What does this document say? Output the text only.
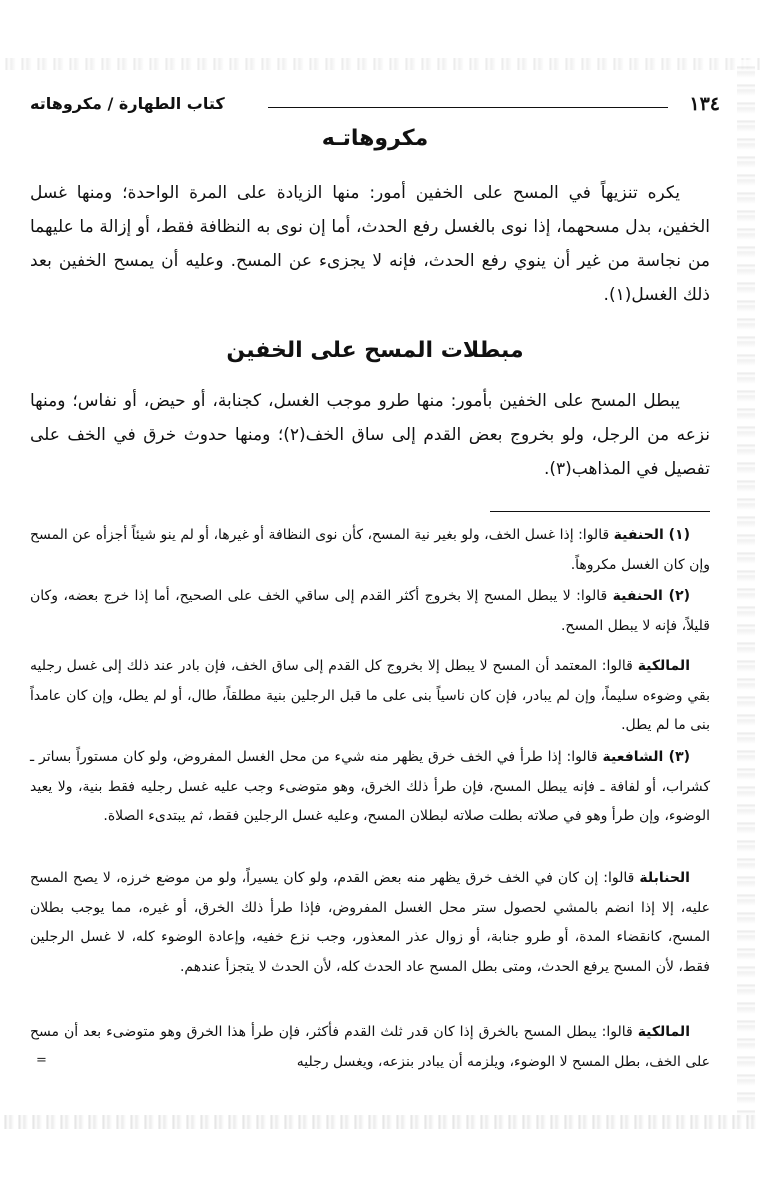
١٣٤
كتاب الطهارة / مكروهاته
مكروهاتـه

يكره تنزيهاً في المسح على الخفين أمور: منها الزيادة على المرة الواحدة؛ ومنها غسل الخفين، بدل مسحهما، إذا نوى بالغسل رفع الحدث، أما إن نوى به النظافة فقط، أو إزالة ما عليهما من نجاسة من غير أن ينوي رفع الحدث، فإنه لا يجزىء عن المسح. وعليه أن يمسح الخفين بعد ذلك الغسل(١).

مبطلات المسح على الخفين

يبطل المسح على الخفين بأمور: منها طرو موجب الغسل، كجنابة، أو حيض، أو نفاس؛ ومنها نزعه من الرجل، ولو بخروج بعض القدم إلى ساق الخف(٢)؛ ومنها حدوث خرق في الخف على تفصيل في المذاهب(٣).

(١) الحنفية قالوا: إذا غسل الخف، ولو بغير نية المسح، كأن نوى النظافة أو غيرها، أو لم ينو شيئاً أجزأه عن المسح وإن كان الغسل مكروهاً.

(٢) الحنفية قالوا: لا يبطل المسح إلا بخروج أكثر القدم إلى ساقي الخف على الصحيح، أما إذا خرج بعضه، وكان قليلاً، فإنه لا يبطل المسح.

المالكية قالوا: المعتمد أن المسح لا يبطل إلا بخروج كل القدم إلى ساق الخف، فإن بادر عند ذلك إلى غسل رجليه بقي وضوءه سليماً، وإن لم يبادر، فإن كان ناسياً بنى على ما قبل الرجلين بنية مطلقاً، طال، أو لم يطل، وإن كان عامداً بنى ما لم يطل.

(٣) الشافعية قالوا: إذا طرأ في الخف خرق يظهر منه شيء من محل الغسل المفروض، ولو كان مستوراً بساتر ـ كشراب، أو لفافة ـ فإنه يبطل المسح، فإن طرأ ذلك الخرق، وهو متوضىء وجب عليه غسل رجليه فقط بنية، ولا يعيد الوضوء، وإن طرأ وهو في صلاته بطلت صلاته لبطلان المسح، وعليه غسل الرجلين فقط، ثم يبتدىء الصلاة.

الحنابلة قالوا: إن كان في الخف خرق يظهر منه بعض القدم، ولو كان يسيراً، ولو من موضع خرزه، لا يصح المسح عليه، إلا إذا انضم بالمشي لحصول ستر محل الغسل المفروض، فإذا طرأ ذلك الخرق، أو غيره، مما يوجب بطلان المسح، كانقضاء المدة، أو طرو جنابة، أو زوال عذر المعذور، وجب نزع خفيه، وإعادة الوضوء كله، لا غسل الرجلين فقط، لأن المسح يرفع الحدث، ومتى بطل المسح عاد الحدث كله، لأن الحدث لا يتجزأ عندهم.

المالكية قالوا: يبطل المسح بالخرق إذا كان قدر ثلث القدم فأكثر، فإن طرأ هذا الخرق وهو متوضىء بعد أن مسح على الخف، بطل المسح لا الوضوء، ويلزمه أن يبادر بنزعه، ويغسل رجليه

=
